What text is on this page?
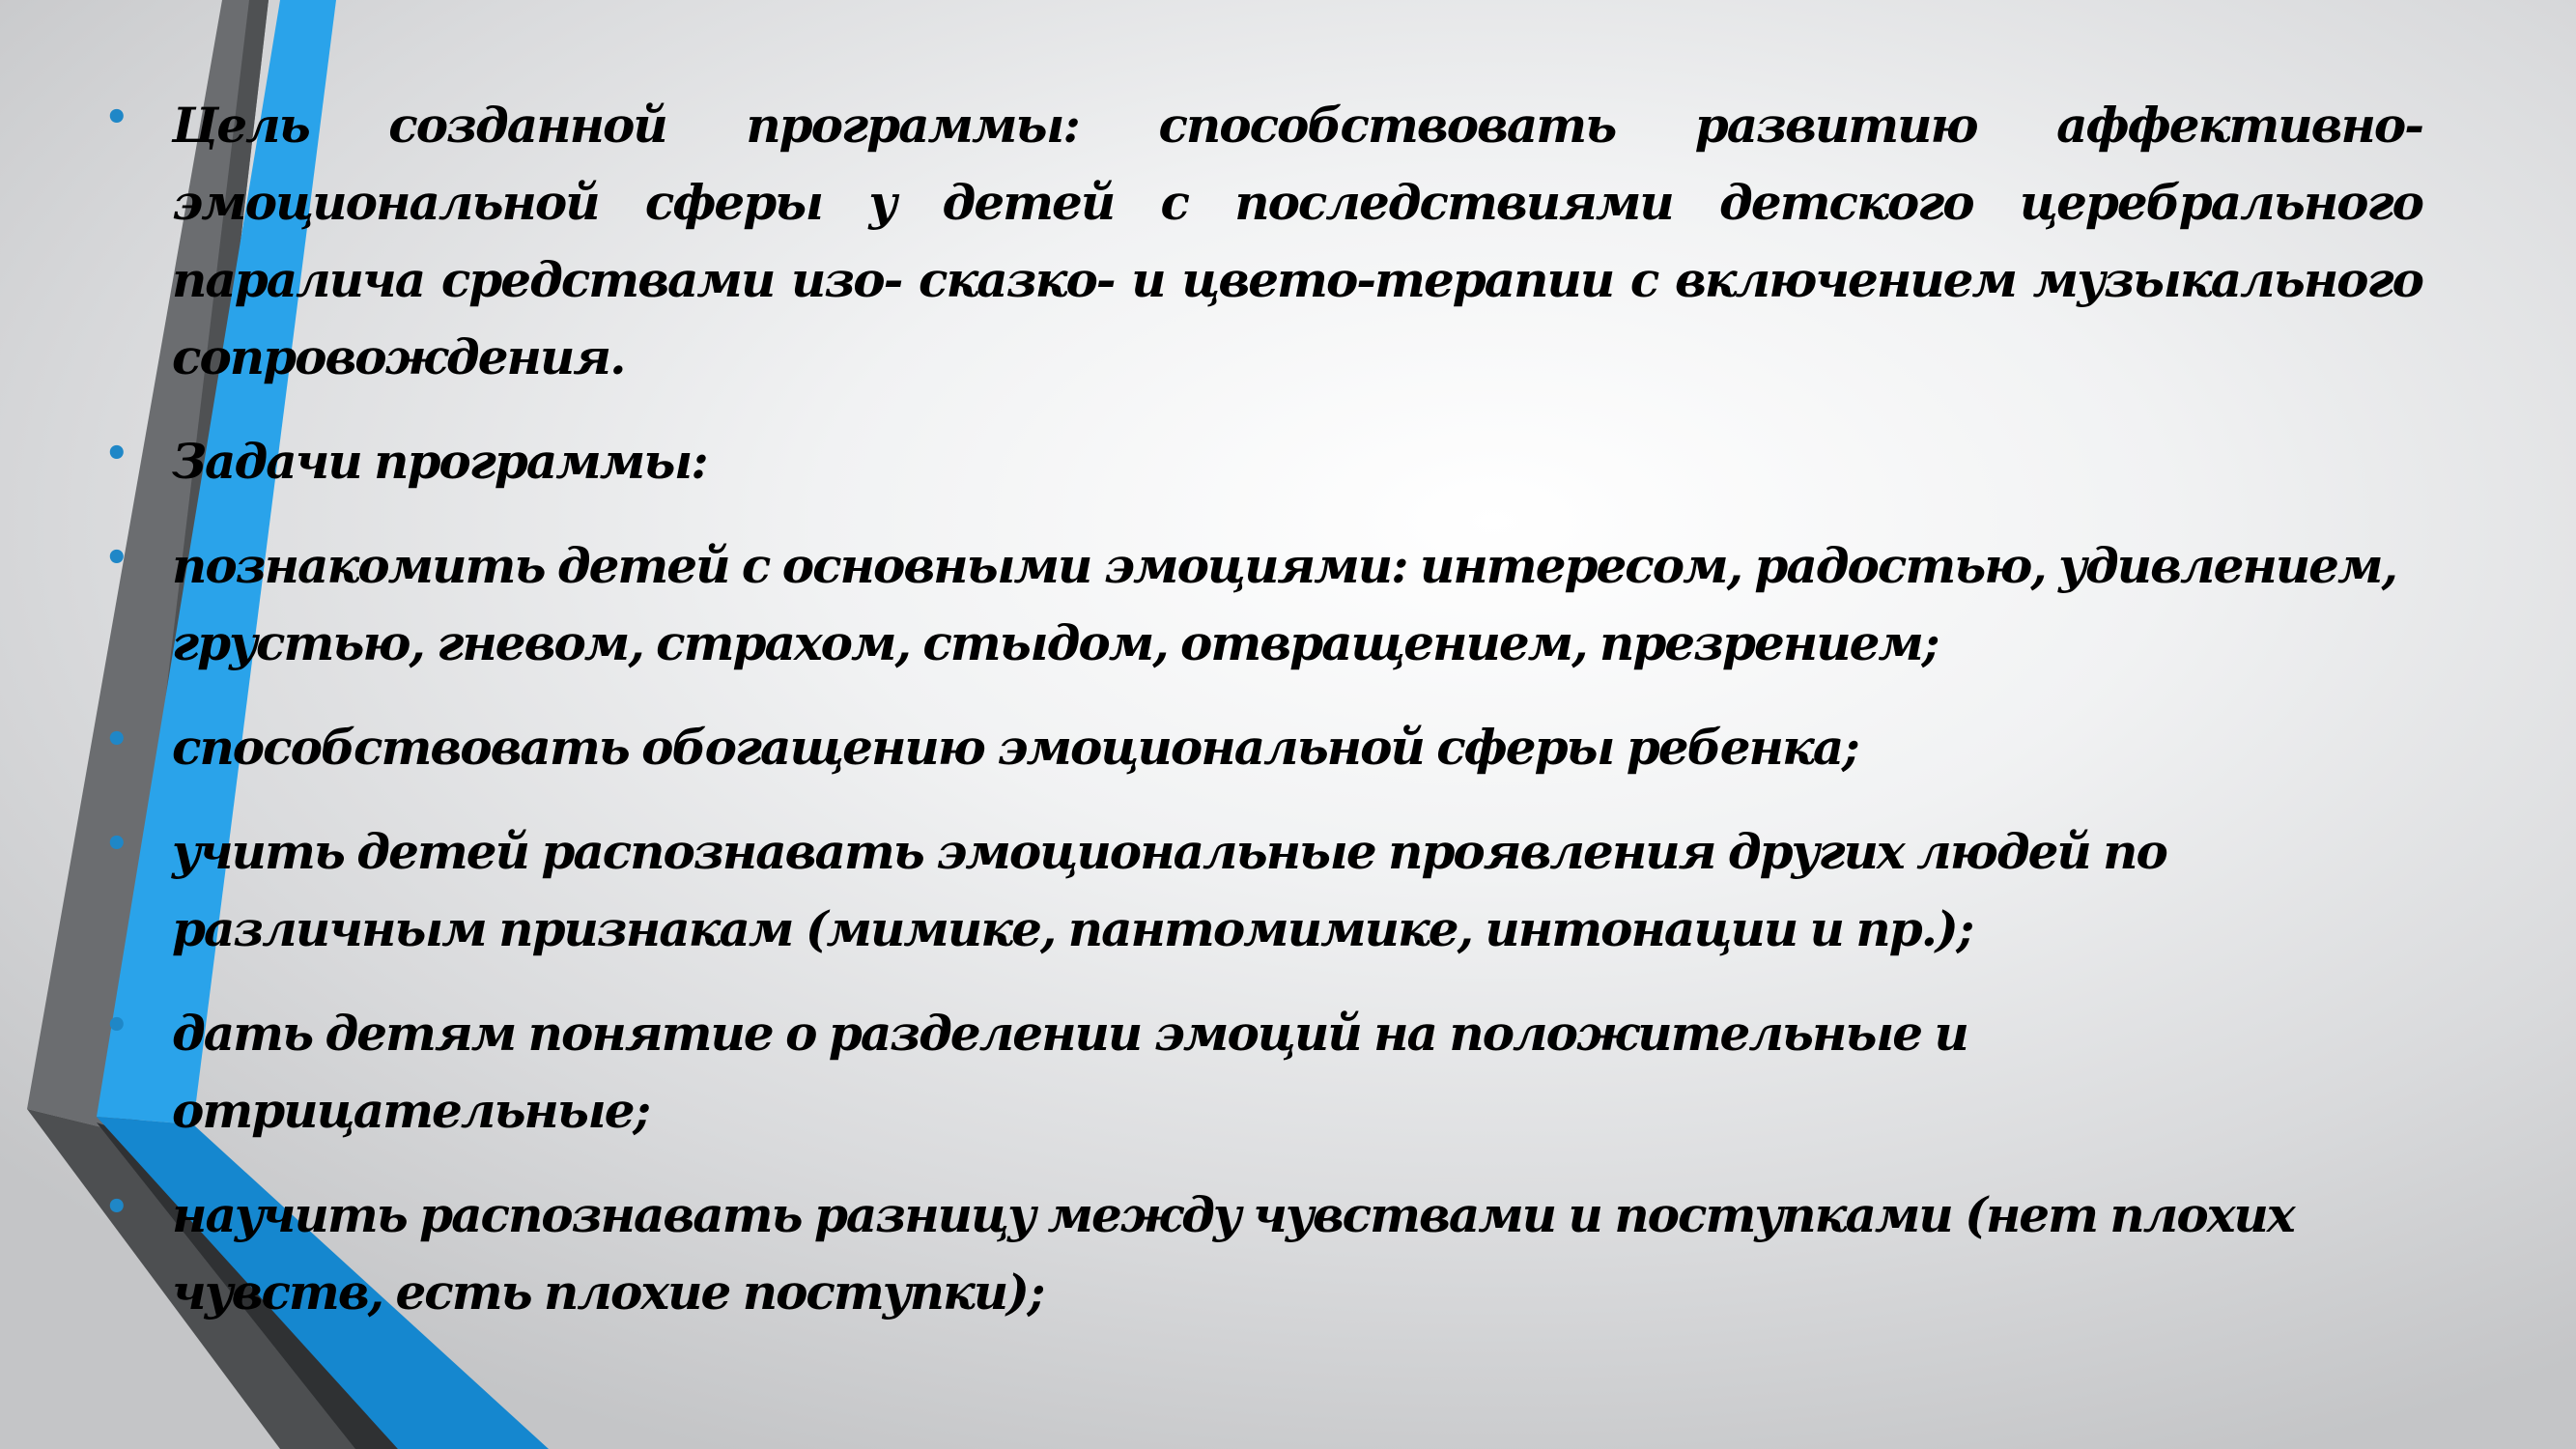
• Цель созданной программы: способствовать развитию аффективно-эмоциональной сферы у детей с последствиями детского церебрального паралича средствами изо- сказко- и цвето-терапии с включением музыкального сопровождения.
• Задачи программы:
• познакомить детей с основными эмоциями: интересом, радостью, удивлением, грустью, гневом, страхом, стыдом, отвращением, презрением;
• способствовать обогащению эмоциональной сферы ребенка;
• учить детей распознавать эмоциональные проявления других людей по различным признакам (мимике, пантомимике, интонации и пр.);
• дать детям понятие о разделении эмоций на положительные и отрицательные;
• научить распознавать разницу между чувствами и поступками (нет плохих чувств, есть плохие поступки);
